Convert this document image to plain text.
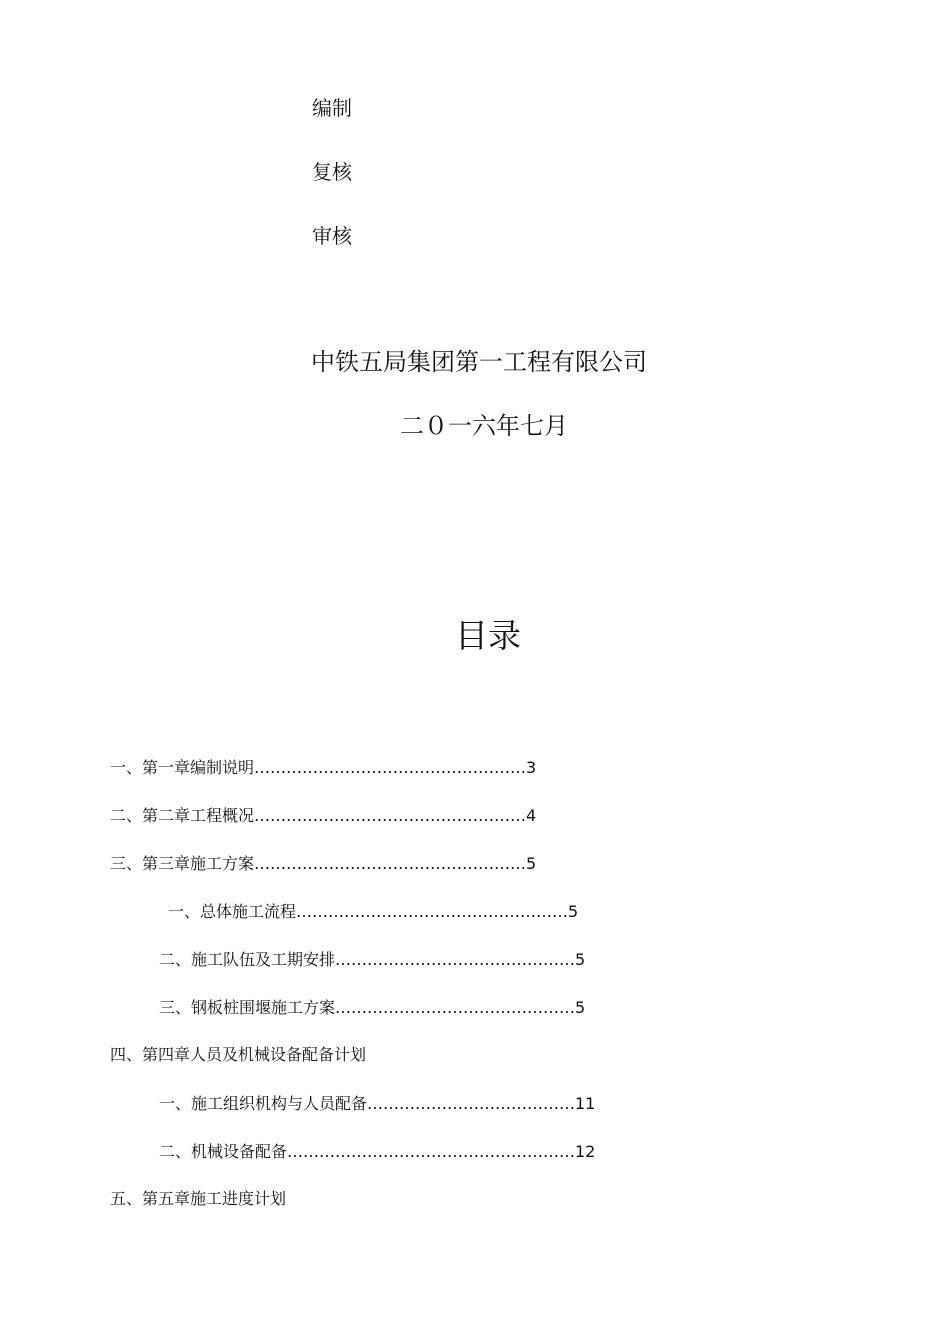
编制
复核
审核
中铁五局集团第一工程有限公司
二０一六年七月
目录
一、第一章编制说明……………………………………………3
二、第二章工程概况……………………………………………4
三、第三章施工方案……………………………………………5
一、总体施工流程……………………………………………5
二、施工队伍及工期安排………………………………………5
三、钢板桩围堰施工方案………………………………………5
四、第四章人员及机械设备配备计划
一、施工组织机构与人员配备…………………………………11
二、机械设备配备………………………………………………12
五、第五章施工进度计划
